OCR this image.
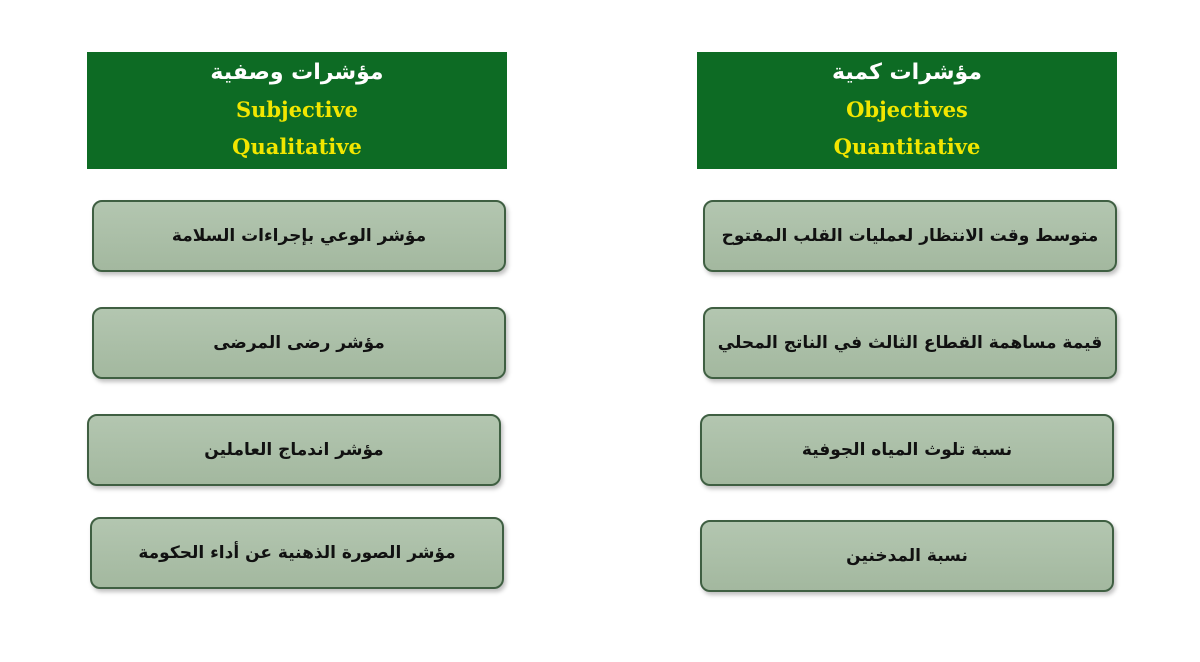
مؤشرات وصفية
Subjective
Qualitative
مؤشرات كمية
Objectives
Quantitative
مؤشر الوعي بإجراءات السلامة
مؤشر رضى المرضى
مؤشر اندماج العاملين
مؤشر الصورة الذهنية عن أداء الحكومة
متوسط وقت الانتظار لعمليات القلب المفتوح
قيمة مساهمة القطاع الثالث في الناتج المحلي
نسبة تلوث المياه الجوفية
نسبة المدخنين
